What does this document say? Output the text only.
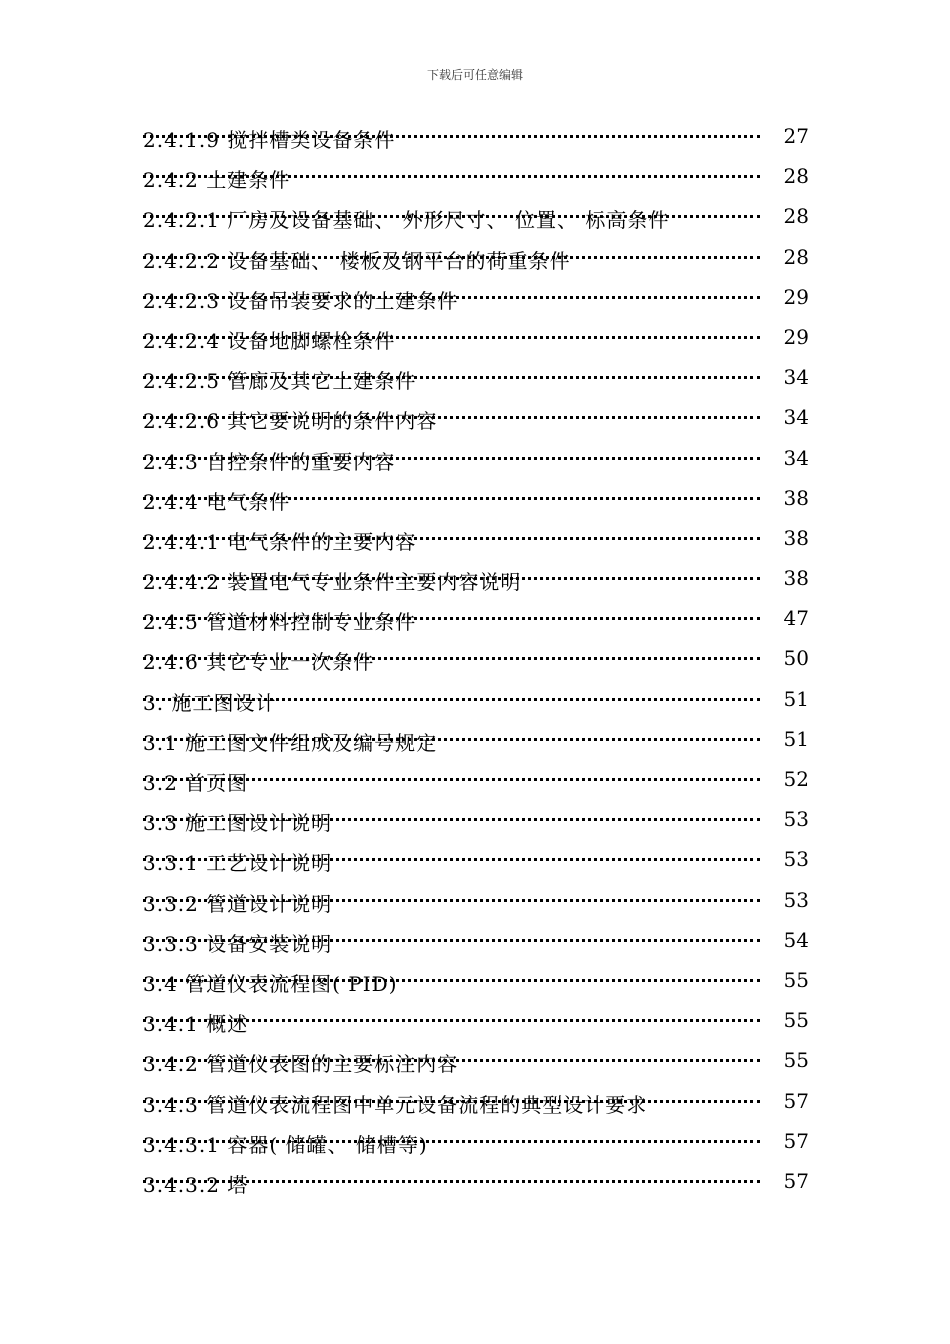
下载后可任意编辑
2.4.1.9 搅拌槽类设备条件	27
2.4.2 土建条件	28
2.4.2.1 厂房及设备基础、 外形尺寸、 位置、 标高条件	28
2.4.2.2 设备基础、 楼板及钢平台的荷重条件	28
2.4.2.3 设备吊装要求的土建条件	29
2.4.2.4 设备地脚螺栓条件	29
2.4.2.5 管廊及其它土建条件	34
2.4.2.6 其它要说明的条件内容	34
2.4.3 自控条件的重要内容	34
2.4.4 电气条件	38
2.4.4.1 电气条件的主要内容	38
2.4.4.2 装置电气专业条件主要内容说明	38
2.4.5 管道材料控制专业条件	47
2.4.6 其它专业一次条件	50
3. 施工图设计	51
3.1 施工图文件组成及编号规定	51
3.2 首页图	52
3.3 施工图设计说明	53
3.3.1 工艺设计说明	53
3.3.2 管道设计说明	53
3.3.3 设备安装说明	54
3.4 管道仪表流程图( PID)	55
3.4.1 概述	55
3.4.2 管道仪表图的主要标注内容	55
3.4.3 管道仪表流程图中单元设备流程的典型设计要求	57
3.4.3.1 容器( 储罐、 储槽等)	57
3.4.3.2 塔	57
